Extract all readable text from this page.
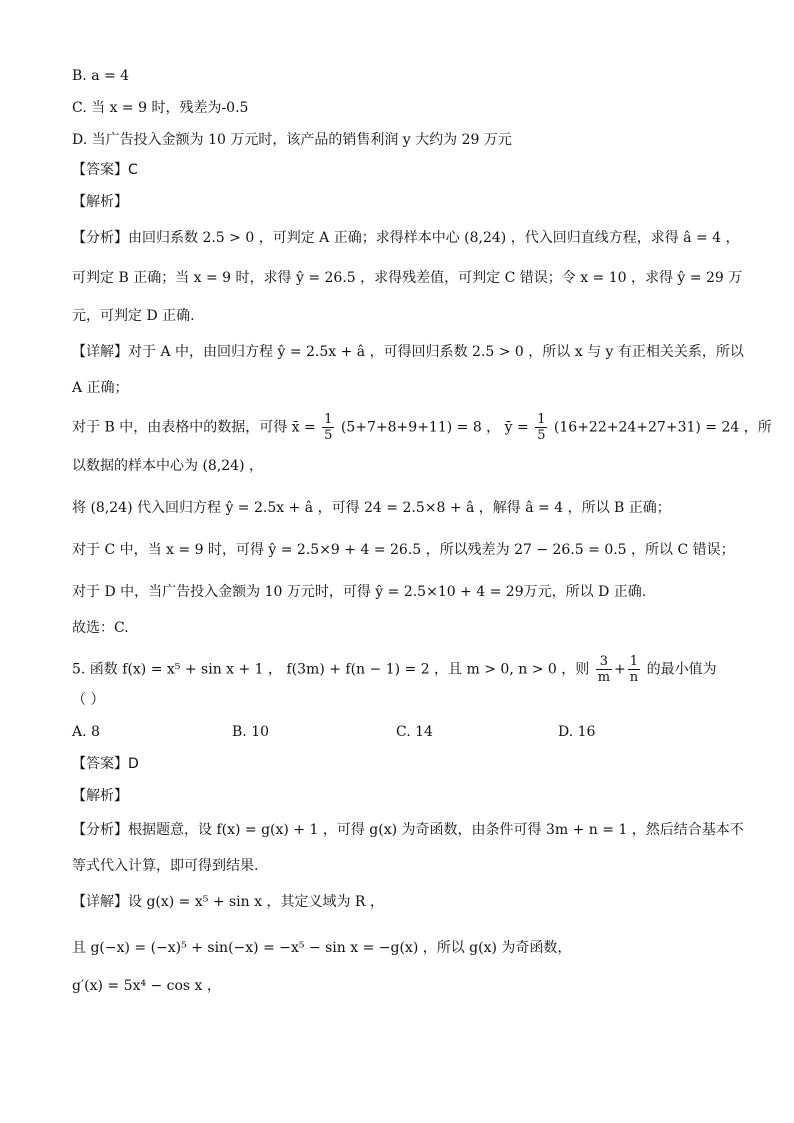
B. a = 4
C. 当 x = 9 时，残差为-0.5
D. 当广告投入金额为 10 万元时，该产品的销售利润 y 大约为 29 万元
【答案】C
【解析】
【分析】由回归系数 2.5 > 0 ，可判定 A 正确；求得样本中心 (8,24) ，代入回归直线方程，求得 â = 4 ，
可判定 B 正确；当 x = 9 时，求得 ŷ = 26.5 ，求得残差值，可判定 C 错误；令 x = 10 ，求得 ŷ = 29 万
元，可判定 D 正确.
【详解】对于 A 中，由回归方程 ŷ = 2.5x + â ，可得回归系数 2.5 > 0 ，所以 x 与 y 有正相关关系，所以
A 正确；
对于 B 中，由表格中的数据，可得 x̄ = $\frac{1}{5} (5+7+8+9+11) = 8$ ， ȳ = $\frac{1}{5} (16+22+24+27+31) = 24$ ，所
以数据的样本中心为 (8,24) ，
将 (8,24) 代入回归方程 ŷ = 2.5x + â ，可得 24 = 2.5×8 + â ，解得 â = 4 ，所以 B 正确；
对于 C 中，当 x = 9 时，可得 ŷ = 2.5×9 + 4 = 26.5 ，所以残差为 27 − 26.5 = 0.5 ，所以 C 错误；
对于 D 中，当广告投入金额为 10 万元时，可得 ŷ = 2.5×10 + 4 = 29万元，所以 D 正确.
故选：C.
5. 函数 f(x) = x⁵ + sin x + 1 ， f(3m) + f(n − 1) = 2 ，且 m > 0, n > 0 ，则 $\frac{3}{m} + \frac{1}{n}$ 的最小值为
（ ）
A. 8	B. 10	C. 14	D. 16
【答案】D
【解析】
【分析】根据题意，设 f(x) = g(x) + 1 ，可得 g(x) 为奇函数，由条件可得 3m + n = 1 ，然后结合基本不
等式代入计算，即可得到结果.
【详解】设 g(x) = x⁵ + sin x ，其定义域为 R ，
且 g(−x) = (−x)⁵ + sin(−x) = −x⁵ − sin x = −g(x) ，所以 g(x) 为奇函数，
g′(x) = 5x⁴ − cos x ，
